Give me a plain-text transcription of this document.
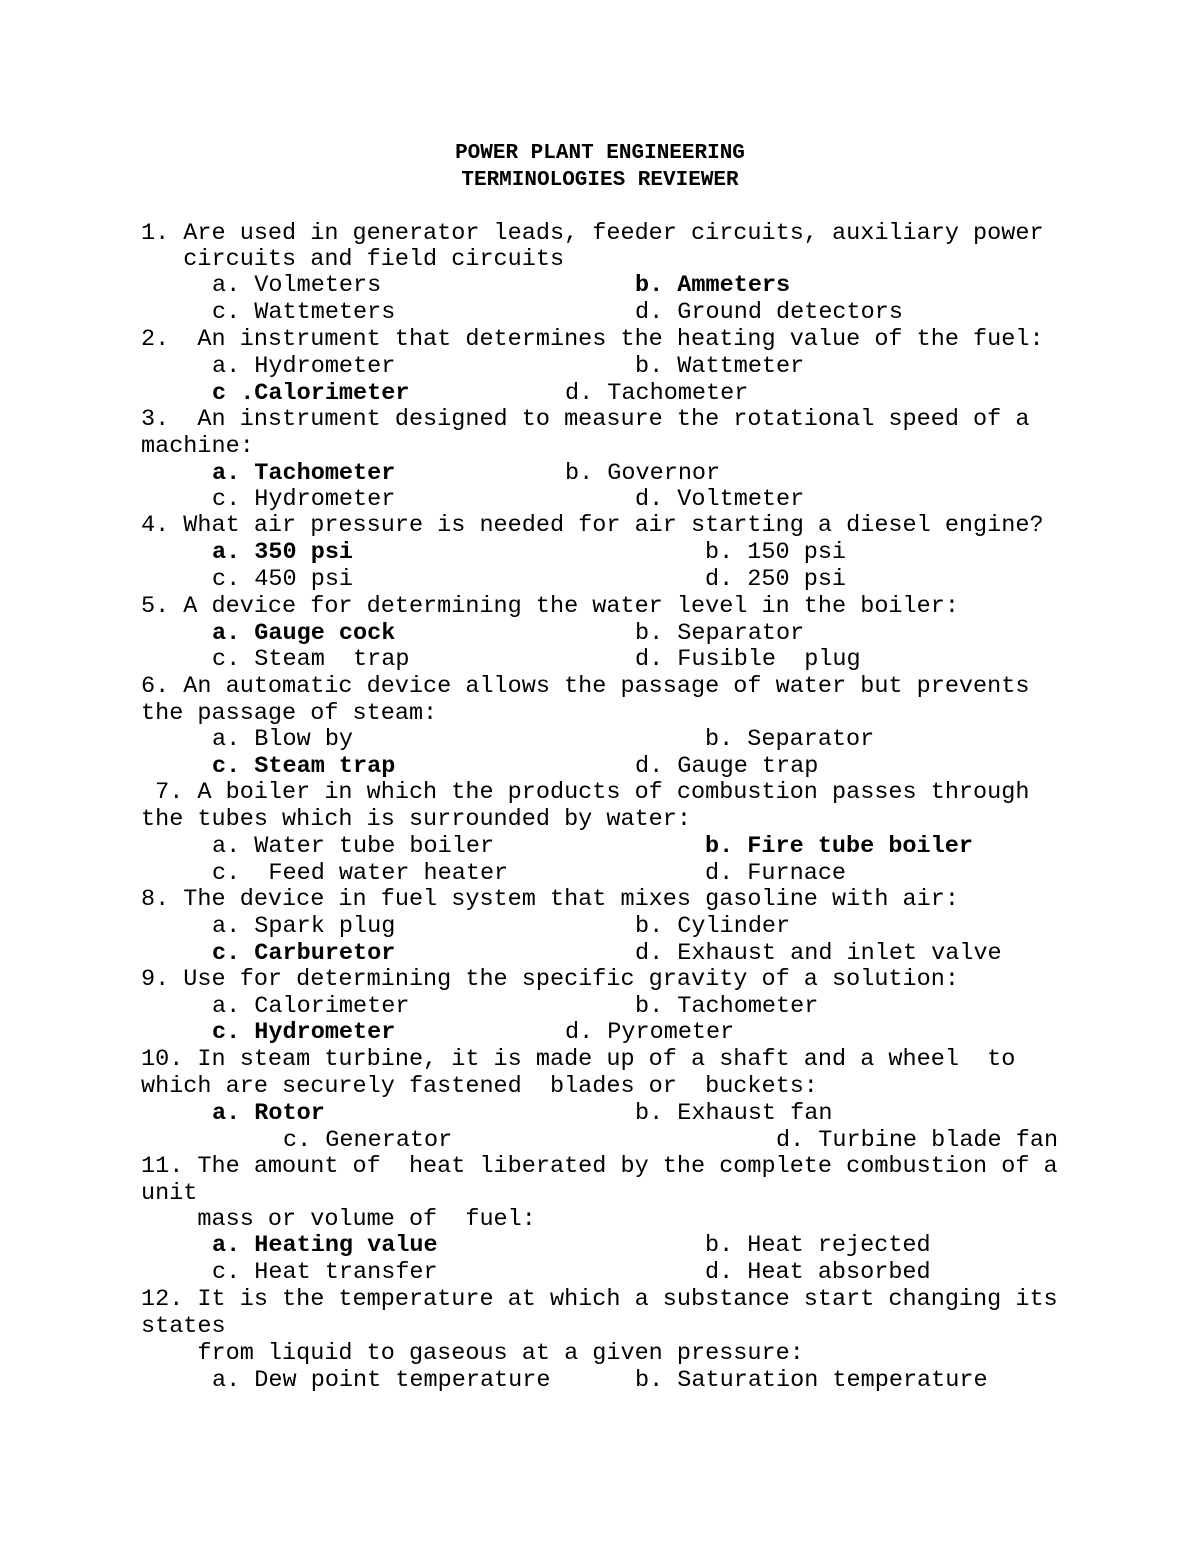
POWER PLANT ENGINEERING
TERMINOLOGIES REVIEWER
1. Are used in generator leads, feeder circuits, auxiliary power
circuits and field circuits
a. Volmeters	b. Ammeters
c. Wattmeters	d. Ground detectors
2.  An instrument that determines the heating value of the fuel:
a. Hydrometer	b. Wattmeter
c .Calorimeter	d. Tachometer
3.  An instrument designed to measure the rotational speed of a
machine:
a. Tachometer	b. Governor
c. Hydrometer	d. Voltmeter
4. What air pressure is needed for air starting a diesel engine?
a. 350 psi	b. 150 psi
c. 450 psi	d. 250 psi
5. A device for determining the water level in the boiler:
a. Gauge cock	b. Separator
c. Steam  trap	d. Fusible  plug
6. An automatic device allows the passage of water but prevents
the passage of steam:
a. Blow by	b. Separator
c. Steam trap	d. Gauge trap
7. A boiler in which the products of combustion passes through
the tubes which is surrounded by water:
a. Water tube boiler	b. Fire tube boiler
c.  Feed water heater	d. Furnace
8. The device in fuel system that mixes gasoline with air:
a. Spark plug	b. Cylinder
c. Carburetor	d. Exhaust and inlet valve
9. Use for determining the specific gravity of a solution:
a. Calorimeter	b. Tachometer
c. Hydrometer	d. Pyrometer
10. In steam turbine, it is made up of a shaft and a wheel  to
which are securely fastened  blades or  buckets:
a. Rotor	b. Exhaust fan
c. Generator	d. Turbine blade fan
11. The amount of  heat liberated by the complete combustion of a
unit
mass or volume of  fuel:
a. Heating value	b. Heat rejected
c. Heat transfer	d. Heat absorbed
12. It is the temperature at which a substance start changing its
states
from liquid to gaseous at a given pressure:
a. Dew point temperature	b. Saturation temperature
